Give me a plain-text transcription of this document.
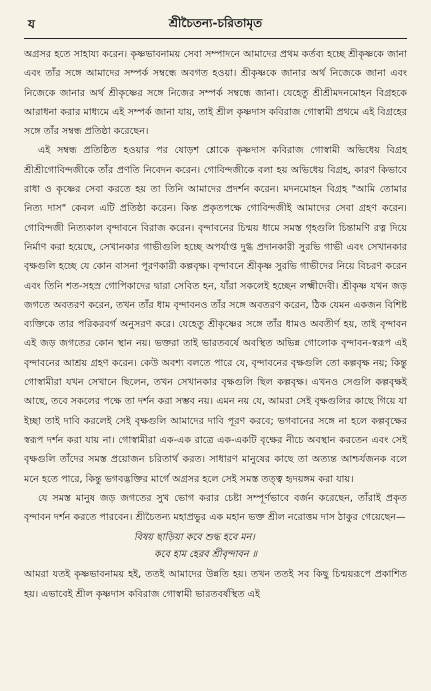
য	শ্রীচৈতন্য-চরিতামৃত

অগ্রসর হতে সাহায্য করেন। কৃষ্ণভাবনাময় সেবা সম্পাদনে আমাদের প্রথম কর্তব্য হচ্ছে শ্রীকৃষ্ণকে জানা এবং তাঁর সঙ্গে আমাদের সম্পর্ক সম্বন্ধে অবগত হওয়া। শ্রীকৃষ্ণকে জানার অর্থ নিজেকে জানা এবং নিজেকে জানার অর্থ শ্রীকৃষ্ণের সঙ্গে নিজের সম্পর্ক সম্বন্ধে জানা। যেহেতু শ্রীশ্রীমদনমোহন বিগ্রহকে আরাধনা করার মাধ্যমে এই সম্পর্ক জানা যায়, তাই শ্রীল কৃষ্ণদাস কবিরাজ গোস্বামী প্রথমে এই বিগ্রহের সঙ্গে তাঁর সম্বন্ধ প্রতিষ্ঠা করেছেন।

এই সম্বন্ধ প্রতিষ্ঠিত হওয়ার পর ষোড়শ শ্লোকে কৃষ্ণদাস কবিরাজ গোস্বামী অভিধেয় বিগ্রহ শ্রীশ্রীগোবিন্দজীকে তাঁর প্রণতি নিবেদন করেন। গোবিন্দজীকে বলা হয় অভিধেয় বিগ্রহ, কারণ কিভাবে রাধা ও কৃষ্ণের সেবা করতে হয় তা তিনি আমাদের প্রদর্শন করেন। মদনমোহন বিগ্রহ "আমি তোমার নিত্য দাস" কেবল এটি প্রতিষ্ঠা করেন। কিন্ত প্রকৃতপক্ষে গোবিন্দজীই আমাদের সেবা গ্রহণ করেন। গোবিন্দজী নিত্যকাল বৃন্দাবনে বিরাজ করেন। বৃন্দাবনের চিন্ময় ধামে সমস্ত গৃহগুলি চিন্তামণি রত্ন দিয়ে নির্মাণ করা হয়েছে, সেখানকার গাভীগুলি হচ্ছে অপর্যাপ্ত দুগ্ধ প্রদানকারী সুরভি গাভী এবং সেখানকার বৃক্ষগুলি হচ্ছে যে কোন বাসনা পূরণকারী কল্পবৃক্ষ। বৃন্দাবনে শ্রীকৃষ্ণ সুরভি গাভীদের নিয়ে বিচরণ করেন এবং তিনি শত-সহস্র গোপিকাদের দ্বারা সেবিত হন, যাঁরা সকলেই হচ্ছেন লক্ষ্মীদেবী। শ্রীকৃষ্ণ যখন জড় জগতে অবতরণ করেন, তখন তাঁর ধাম বৃন্দাবনও তাঁর সঙ্গে অবতরণ করেন, ঠিক যেমন একজন বিশিষ্ট ব্যক্তিকে তার পরিকরবর্গ অনুসরণ করে। যেহেতু শ্রীকৃষ্ণের সঙ্গে তাঁর ধামও অবতীর্ণ হয়, তাই বৃন্দাবন এই জড় জগতের কোন স্থান নয়। ভক্তরা তাই ভারতবর্ষে অবস্থিত অভিন্ন গোলোক বৃন্দাবন-স্বরূপ এই বৃন্দাবনের আশ্রয় গ্রহণ করেন। কেউ অবশ্য বলতে পারে যে, বৃন্দাবনের বৃক্ষগুলি তো কল্পবৃক্ষ নয়; কিন্তু গোস্বামীরা যখন সেখানে ছিলেন, তখন সেখানকার বৃক্ষগুলি ছিল কল্পবৃক্ষ। এখনও সেগুলি কল্পবৃক্ষই আছে, তবে সকলের পক্ষে তা দর্শন করা সম্ভব নয়। এমন নয় যে, আমরা সেই বৃক্ষগুলির কাছে গিয়ে যা ইচ্ছা তাই দাবি করলেই সেই বৃক্ষগুলি আমাদের দাবি পূরণ করবে; ভগবানের সঙ্গে না হলে কল্পবৃক্ষের স্বরূপ দর্শন করা যায় না। গোস্বামীরা এক-এক রাত্রে এক-একটি বৃক্ষের নীচে অবস্থান করতেন এবং সেই বৃক্ষগুলি তাঁদের সমস্ত প্রয়োজন চরিতার্থ করত। সাধারণ মানুষের কাছে তা অত্যন্ত আশ্চর্যজনক বলে মনে হতে পারে, কিন্তু ভগবদ্ভক্তির মার্গে অগ্রসর হলে সেই সমস্ত তত্ত্ব হৃদয়ঙ্গম করা যায়।

যে সমস্ত মানুষ জড় জগতের সুখ ভোগ করার চেষ্টা সম্পূর্ণভাবে বর্জন করেছেন, তাঁরাই প্রকৃত বৃন্দাবন দর্শন করতে পারবেন। শ্রীচৈতন্য মহাপ্রভুর এক মহান ভক্ত শ্রীল নরোত্তম দাস ঠাকুর গেয়েছেন—

বিষয় ছাড়িয়া কবে শুদ্ধ হবে মন।
কবে হাম হেরব শ্রীবৃন্দাবন ॥

আমরা যতই কৃষ্ণভাবনাময় হই, ততই আমাদের উন্নতি হয়। তখন ততই সব কিছু চিন্ময়রূপে প্রকাশিত হয়। এভাবেই শ্রীল কৃষ্ণদাস কবিরাজ গোস্বামী ভারতবর্ষস্থিত এই
